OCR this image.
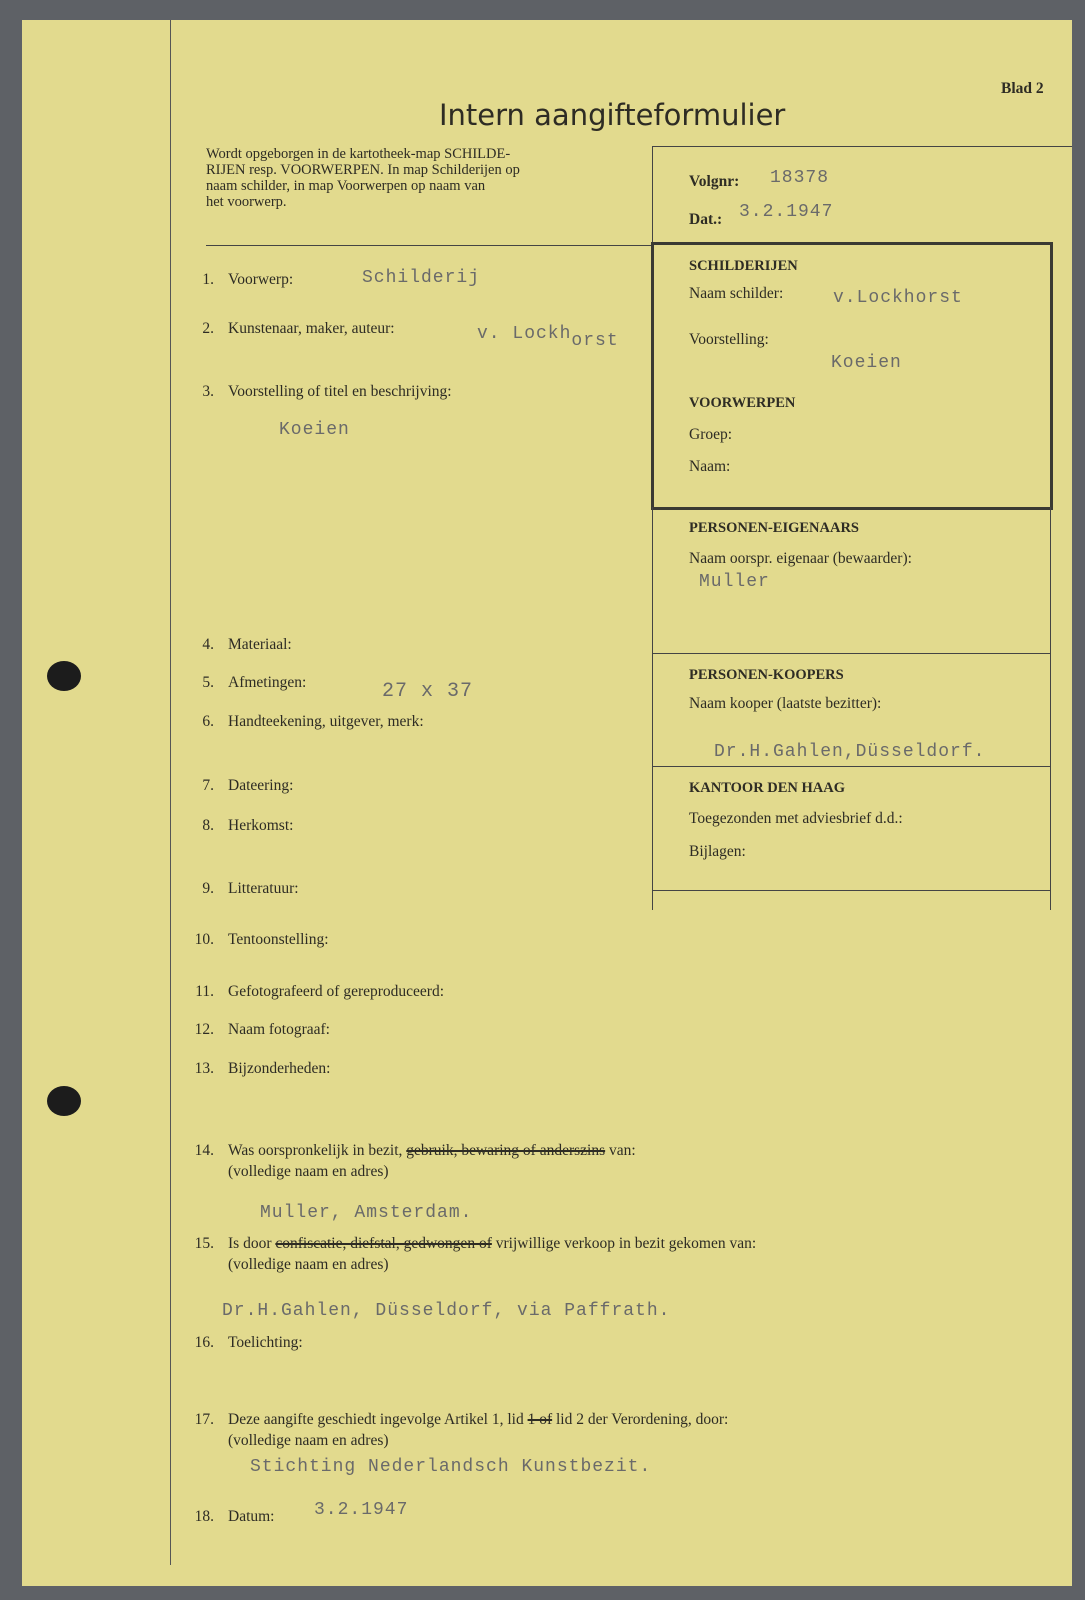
Blad 2
Intern aangifteformulier
Wordt opgeborgen in de kartotheek-map SCHILDE-
RIJEN resp. VOORWERPEN. In map Schilderijen op
naam schilder, in map Voorwerpen op naam van
het voorwerp.
Volgnr: 18378
Dat.: 3.2.1947
SCHILDERIJEN
Naam schilder:	v.Lockhorst
Voorstelling:
Koeien
VOORWERPEN
Groep:
Naam:
PERSONEN-EIGENAARS
Naam oorspr. eigenaar (bewaarder):
Muller
PERSONEN-KOOPERS
Naam kooper (laatste bezitter):
Dr.H.Gahlen,Düsseldorf.
KANTOOR DEN HAAG
Toegezonden met adviesbrief d.d.:
Bijlagen:
1. Voorwerp:	Schilderij
2. Kunstenaar, maker, auteur:	v. Lockhorst
3. Voorstelling of titel en beschrijving:
Koeien
4. Materiaal:
5. Afmetingen:	27 x 37
6. Handteekening, uitgever, merk:
7. Dateering:
8. Herkomst:
9. Litteratuur:
10. Tentoonstelling:
11. Gefotografeerd of gereproduceerd:
12. Naam fotograaf:
13. Bijzonderheden:
14. Was oorspronkelijk in bezit, gebruik, bewaring of anderszins van:
(volledige naam en adres)
Muller, Amsterdam.
15. Is door confiscatie, diefstal, gedwongen of vrijwillige verkoop in bezit gekomen van:
(volledige naam en adres)
Dr.H.Gahlen, Düsseldorf, via Paffrath.
16. Toelichting:
17. Deze aangifte geschiedt ingevolge Artikel 1, lid 1 of lid 2 der Verordening, door:
(volledige naam en adres)
Stichting Nederlandsch Kunstbezit.
18. Datum: 3.2.1947
